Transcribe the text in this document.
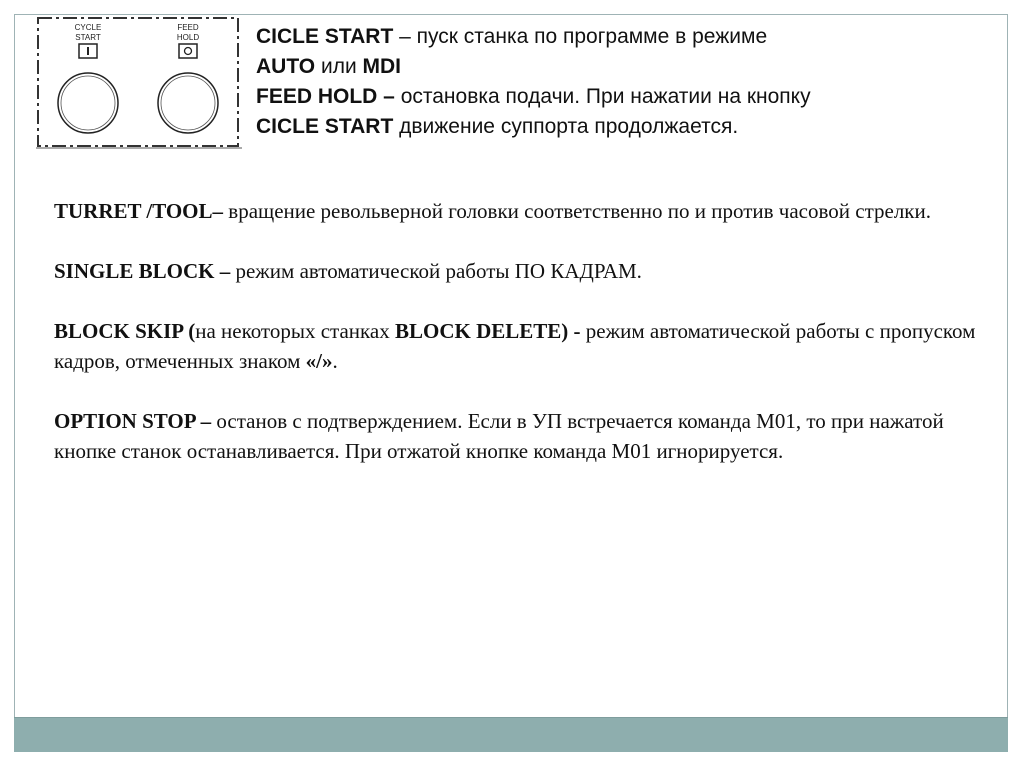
CYCLE
START
FEED
HOLD	CICLE START – пуск станка по программе в режиме
AUTO или MDI
FEED HOLD – остановка подачи. При нажатии на кнопку
CICLE START движение суппорта продолжается.

TURRET /TOOL– вращение револьверной головки соответственно по и против часовой стрелки.

SINGLE BLOCK – режим автоматической работы ПО КАДРАМ.

BLOCK SKIP (на некоторых станках BLOCK DELETE) - режим автоматической работы с пропуском кадров, отмеченных знаком «/».

OPTION STOP – останов с подтверждением. Если в УП встречается команда М01, то при нажатой кнопке станок останавливается. При отжатой кнопке команда М01 игнорируется.
